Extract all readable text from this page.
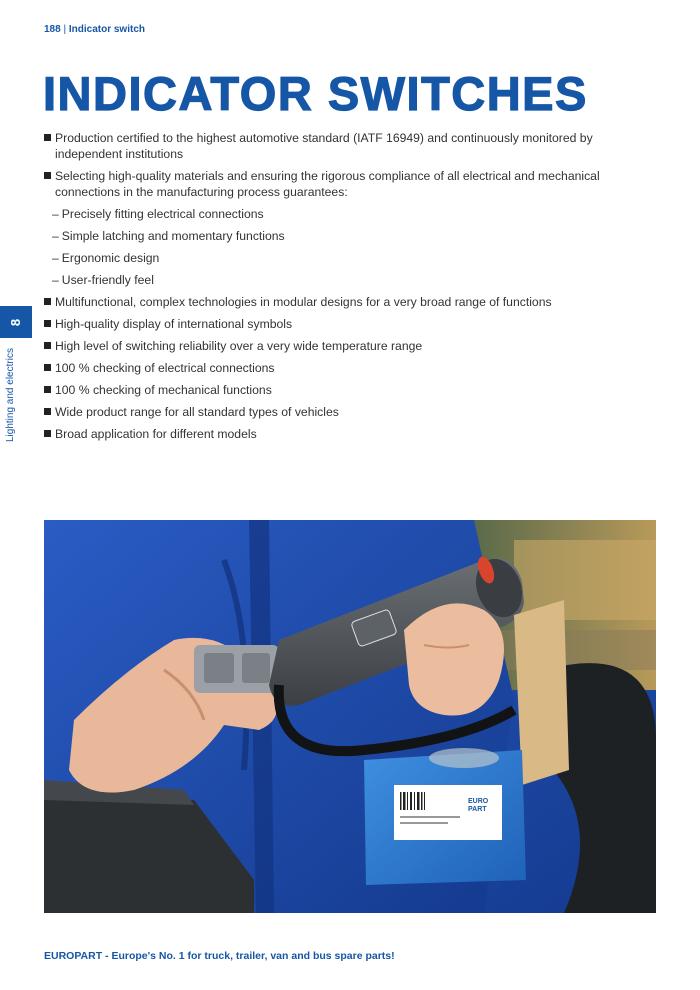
188 | Indicator switch
INDICATOR SWITCHES
Production certified to the highest automotive standard (IATF 16949) and continuously monitored by independent institutions
Selecting high-quality materials and ensuring the rigorous compliance of all electrical and mechanical connections in the manufacturing process guarantees:
– Precisely fitting electrical connections
– Simple latching and momentary functions
– Ergonomic design
– User-friendly feel
Multifunctional, complex technologies in modular designs for a very broad range of functions
High-quality display of international symbols
High level of switching reliability over a very wide temperature range
100 % checking of electrical connections
100 % checking of mechanical functions
Wide product range for all standard types of vehicles
Broad application for different models
8
Lighting and electrics
EURO
PART
EUROPART - Europe's No. 1 for truck, trailer, van and bus spare parts!
